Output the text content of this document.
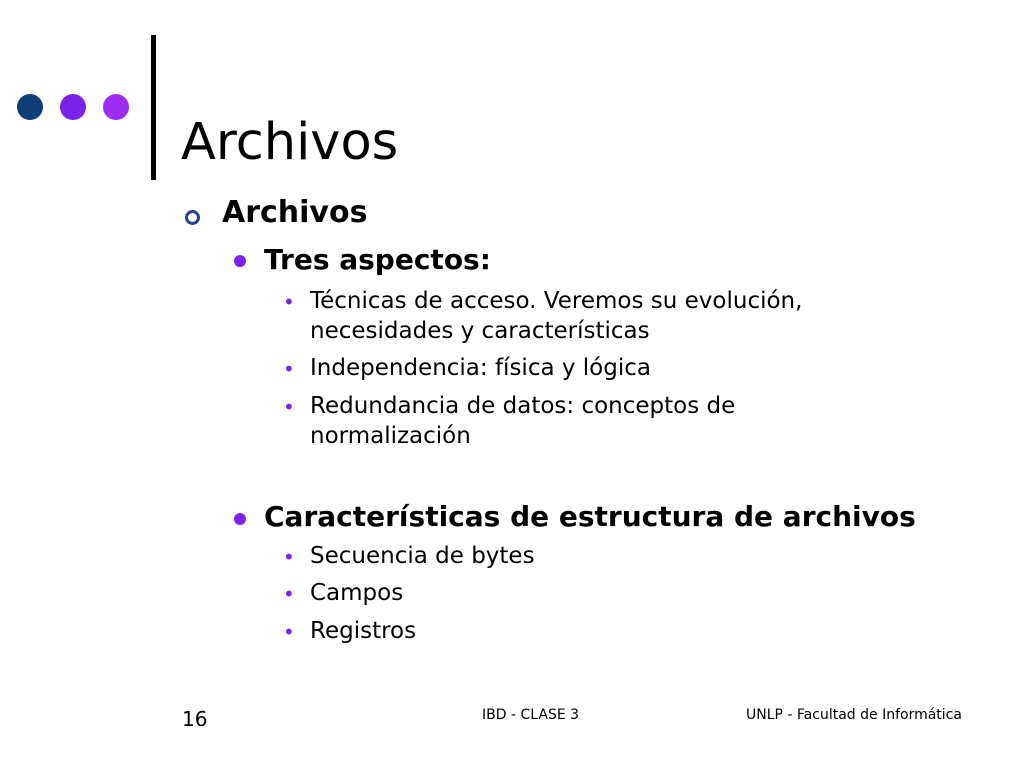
Archivos
Archivos
Tres aspectos:
• Técnicas de acceso. Veremos su evolución,
necesidades y características
• Independencia: física y lógica
• Redundancia de datos: conceptos de
normalización
Características de estructura de archivos
• Secuencia de bytes
• Campos
• Registros
16	IBD - CLASE 3	UNLP - Facultad de Informática
